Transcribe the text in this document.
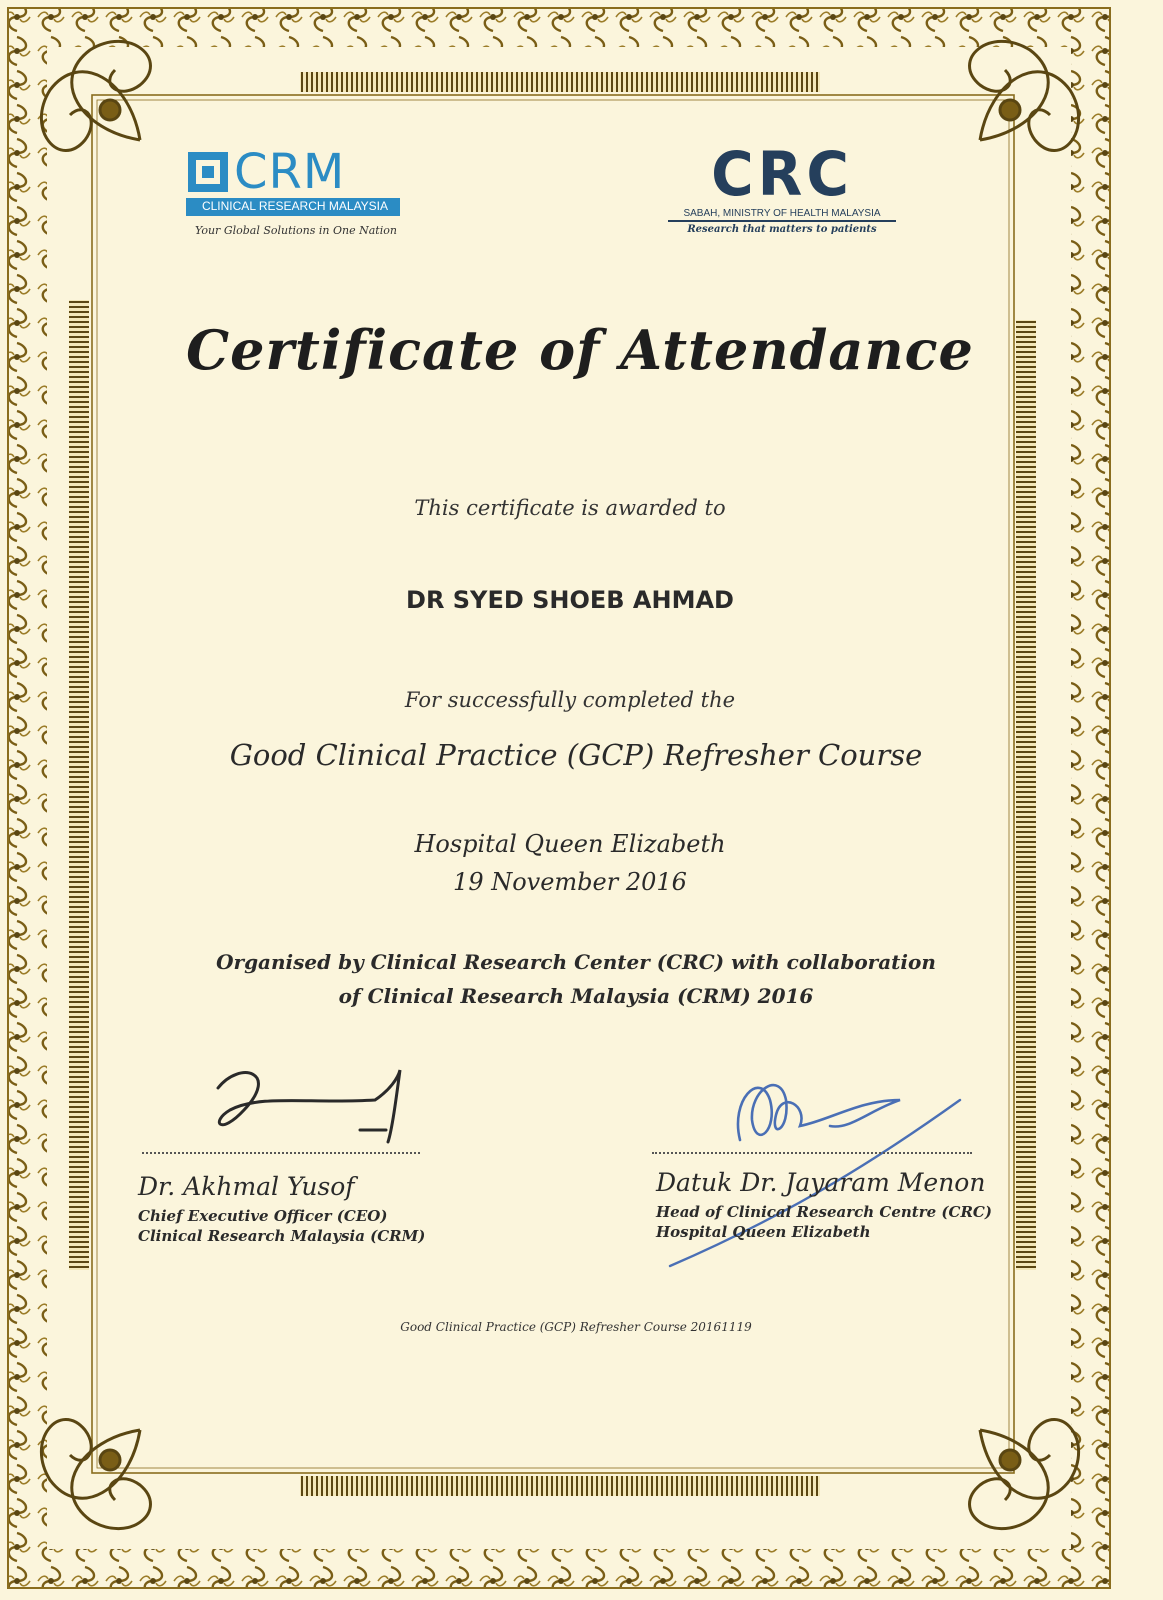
CRM
CLINICAL RESEARCH MALAYSIA
Your Global Solutions in One Nation
CRC
SABAH, MINISTRY OF HEALTH MALAYSIA
Research that matters to patients
Certificate of Attendance
This certificate is awarded to
DR SYED SHOEB AHMAD
For successfully completed the
Good Clinical Practice (GCP) Refresher Course
Hospital Queen Elizabeth
19 November 2016
Organised by Clinical Research Center (CRC) with collaboration
of Clinical Research Malaysia (CRM) 2016
Dr. Akhmal Yusof
Chief Executive Officer (CEO)
Clinical Research Malaysia (CRM)
Datuk Dr. Jayaram Menon
Head of Clinical Research Centre (CRC)
Hospital Queen Elizabeth
Good Clinical Practice (GCP) Refresher Course 20161119
